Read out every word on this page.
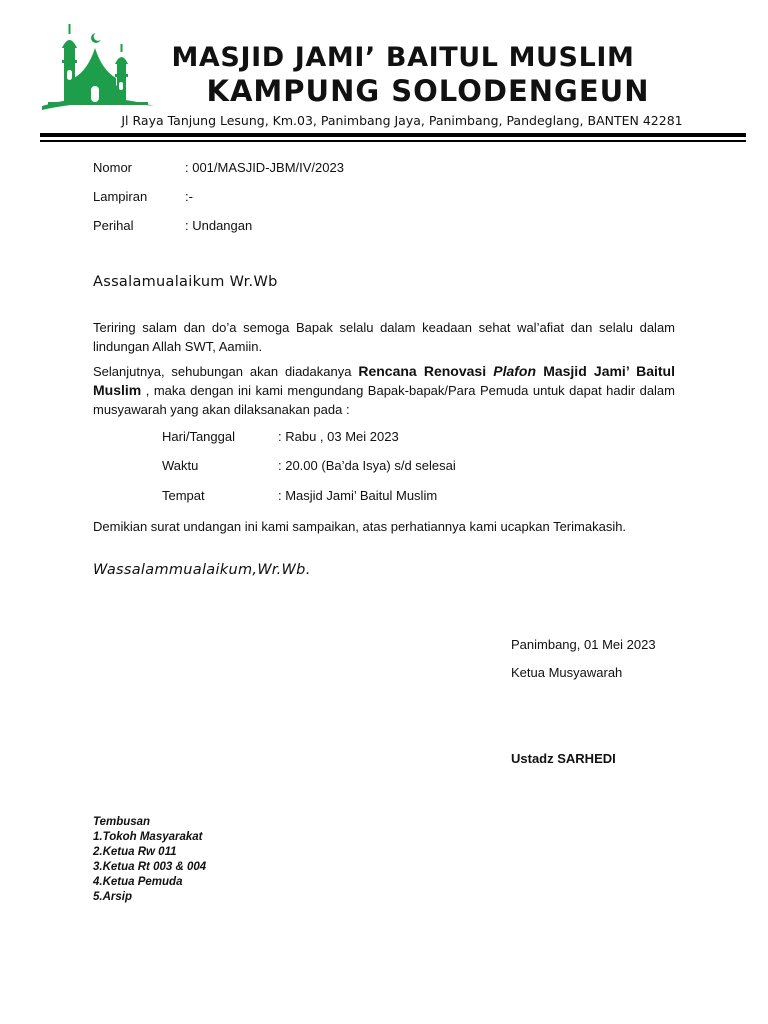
MASJID JAMI’ BAITUL MUSLIM
KAMPUNG SOLODENGEUN
Jl Raya Tanjung Lesung, Km.03, Panimbang Jaya, Panimbang, Pandeglang, BANTEN 42281
Nomor	: 001/MASJID-JBM/IV/2023
Lampiran	:-
Perihal	: Undangan
Assalamualaikum Wr.Wb
Teriring salam dan do’a semoga Bapak selalu dalam keadaan sehat wal’afiat dan selalu dalam lindungan Allah SWT, Aamiin.
Selanjutnya, sehubungan akan diadakanya Rencana Renovasi Plafon Masjid Jami’ Baitul Muslim , maka dengan ini kami mengundang Bapak-bapak/Para Pemuda untuk dapat hadir dalam musyawarah yang akan dilaksanakan pada :
Hari/Tanggal	: Rabu , 03 Mei 2023
Waktu	: 20.00 (Ba’da Isya) s/d selesai
Tempat	: Masjid Jami’ Baitul Muslim
Demikian surat undangan ini kami sampaikan, atas perhatiannya kami ucapkan Terimakasih.
Wassalammualaikum,Wr.Wb.
Panimbang, 01 Mei 2023
Ketua Musyawarah
Ustadz SARHEDI
Tembusan
1.Tokoh Masyarakat
2.Ketua Rw 011
3.Ketua Rt 003 & 004
4.Ketua Pemuda
5.Arsip
